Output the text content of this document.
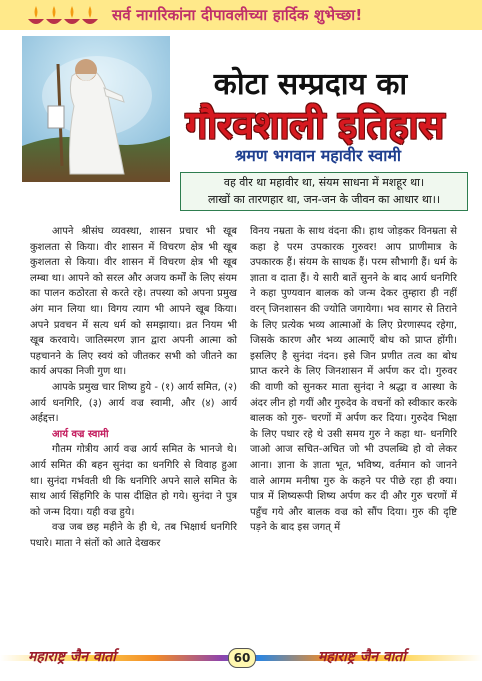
सर्व नागरिकांना दीपावलीच्या हार्दिक शुभेच्छा!
कोटा सम्प्रदाय का
गौरवशाली इतिहास
श्रमण भगवान महावीर स्वामी
वह वीर था महावीर था, संयम साधना में मशहूर था।
लाखों का तारणहार था, जन-जन के जीवन का आधार था।।

आपने श्रीसंघ व्यवस्था, शासन प्रचार भी खूब कुशलता से किया। वीर शासन में विचरण क्षेत्र भी खूब कुशलता से किया। वीर शासन में विचरण क्षेत्र भी खूब लम्बा था। आपने को सरल और अजय कर्मों के लिए संयम का पालन कठोरता से करते रहे। तपस्या को अपना प्रमुख अंग मान लिया था। विगय त्याग भी आपने खूब किया। अपने प्रवचन में सत्य धर्म को समझाया। व्रत नियम भी खूब करवाये। जातिस्मरण ज्ञान द्वारा अपनी आत्मा को पहचानने के लिए स्वयं को जीतकर सभी को जीतने का कार्य अपका निजी गुण था।

आपके प्रमुख चार शिष्य हुये - (१) आर्य समित, (२) आर्य धनगिरि, (३) आर्य वज्र स्वामी, और (४) आर्य अर्हद्दत्त।

आर्य वज्र स्वामी

गौतम गोत्रीय आर्य वज्र आर्य समित के भानजे थे। आर्य समित की बहन सुनंदा का धनगिरि से विवाह हुआ था। सुनंदा गर्भवती थी कि धनगिरि अपने साले समित के साथ आर्य सिंहगिरि के पास दीक्षित हो गये। सुनंदा ने पुत्र को जन्म दिया। यही वज्र हुये।

वज्र जब छह महीने के ही थे, तब भिक्षार्थ धनगिरि पधारे। माता ने संतों को आते देखकर

विनय नम्रता के साथ वंदना की। हाथ जोड़कर विनम्रता से कहा हे परम उपकारक गुरुवर! आप प्राणीमात्र के उपकारक हैं। संयम के साधक हैं। परम सौभागी हैं। धर्म के ज्ञाता व दाता हैं। ये सारी बातें सुनने के बाद आर्य धनगिरि ने कहा पुण्यवान बालक को जन्म देकर तुम्हारा ही नहीं वरन् जिनशासन की ज्योति जगायेगा। भव सागर से तिराने के लिए प्रत्येक भव्य आत्माओं के लिए प्रेरणास्पद रहेगा, जिसके कारण और भव्य आत्माएँ बोध को प्राप्त होंगी। इसलिए है सुनंदा नंदन। इसे जिन प्रणीत तत्व का बोध प्राप्त करने के लिए जिनशासन में अर्पण कर दो। गुरुवर की वाणी को सुनकर माता सुनंदा ने श्रद्धा व आस्था के अंदर लीन हो गयीं और गुरुदेव के वचनों को स्वीकार करके बालक को गुरु- चरणों में अर्पण कर दिया। गुरुदेव भिक्षा के लिए पधार रहे थे उसी समय गुरु ने कहा था- धनगिरि जाओ आज सचित-अचित जो भी उपलब्धि हो वो लेकर आना। ज्ञाना के ज्ञाता भूत, भविष्य, वर्तमान को जानने वाले आगम मनीषा गुरु के कहने पर पीछे रहा ही क्या। पात्र में शिष्यरूपी शिष्य अर्पण कर दी और गुरु चरणों में पहुँच गये और बालक वज्र को सौंप दिया। गुरु की दृष्टि पड़ने के बाद इस जगत् में

महाराष्ट्र जैन वार्ता	60	महाराष्ट्र जैन वार्ता
